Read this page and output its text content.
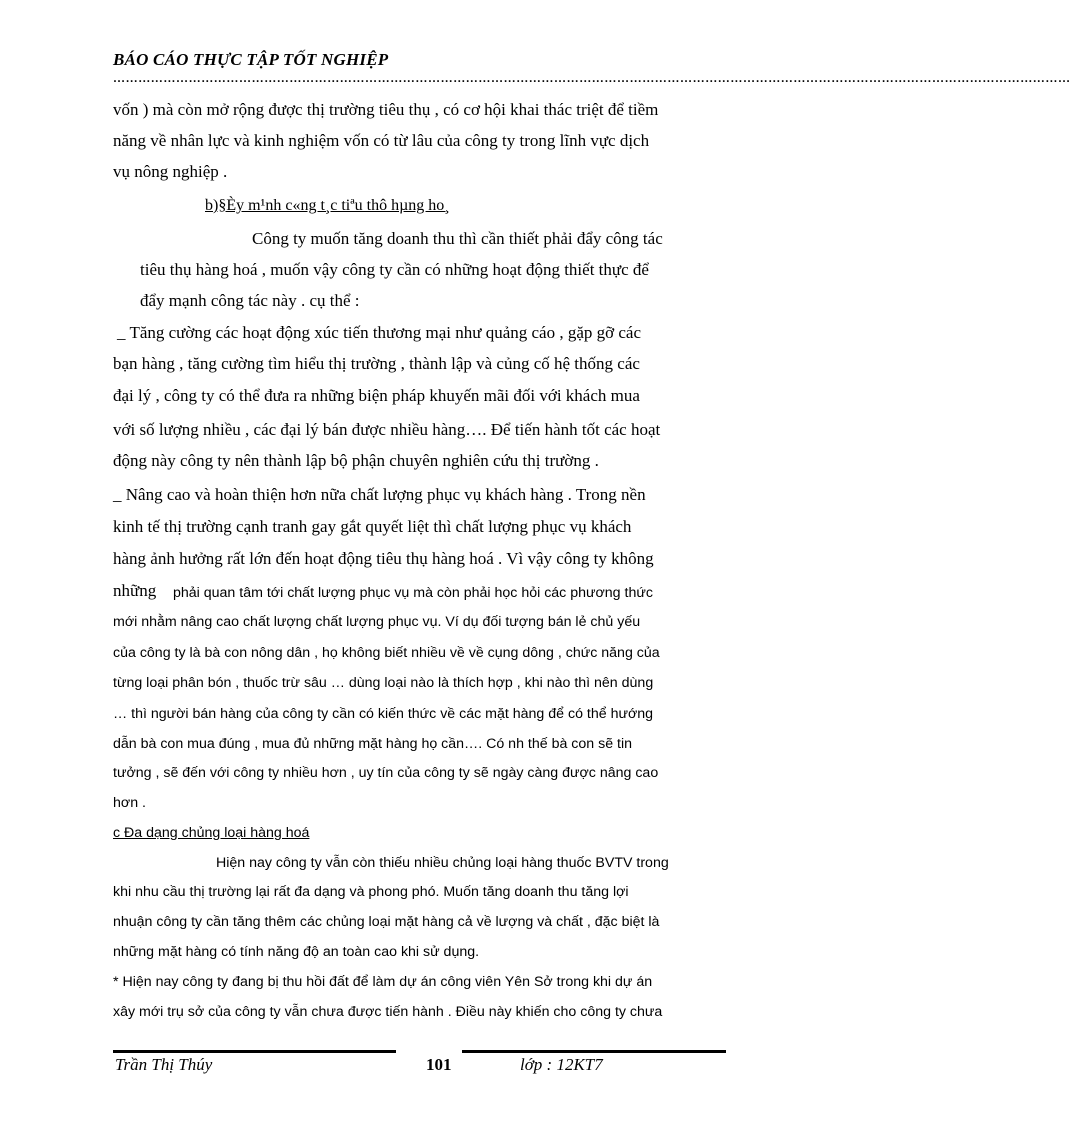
BÁO CÁO THỰC TẬP TỐT NGHIỆP
…………………………………………………………………………………………………………………………………………………………………………………………………………

vốn ) mà còn mở rộng được thị trường tiêu thụ , có cơ hội khai thác triệt để tiềm

năng về nhân lực và kinh nghiệm vốn có từ lâu của công ty trong lĩnh vực dịch

vụ nông nghiệp .

b)§Èy m¹nh c«ng t¸c tiªu thô hµng ho¸

Công ty muốn tăng doanh thu thì cần thiết phải đẩy công tác

tiêu thụ hàng hoá , muốn vậy công ty cần có những hoạt động thiết thực để

đẩy mạnh công tác này . cụ thể :

_ Tăng cường các hoạt động xúc tiến thương mại như quảng cáo , gặp gỡ các

bạn hàng , tăng cường tìm hiểu thị trường , thành lập và củng cố hệ thống các

đại lý , công ty có thể đưa ra những biện pháp khuyến mãi đối với khách mua

với số lượng nhiều , các đại lý bán được nhiều hàng…. Để tiến hành tốt các hoạt

động này công ty nên thành lập bộ phận chuyên nghiên cứu thị trường .

_ Nâng cao và hoàn thiện hơn nữa chất lượng phục vụ khách hàng . Trong nền

kinh tế thị trường cạnh tranh gay gắt quyết liệt thì chất lượng phục vụ khách

hàng ảnh hưởng rất lớn đến hoạt động tiêu thụ hàng hoá . Vì vậy công ty không

những phải quan tâm tới chất lượng phục vụ mà còn phải học hỏi các phương thức

mới nhằm nâng cao chất lượng chất lượng phục vụ. Ví dụ đối tượng bán lẻ chủ yếu

của công ty là bà con nông dân , họ không biết nhiều về về cụng dông , chức năng của

từng loại phân bón , thuốc trừ sâu … dùng loại nào là thích hợp , khi nào thì nên dùng

… thì người bán hàng của công ty cần có kiến thức về các mặt hàng để có thể hướng

dẫn bà con mua đúng , mua đủ những mặt hàng họ cần…. Có nh thế bà con sẽ tin

tưởng , sẽ đến với công ty nhiều hơn , uy tín của công ty sẽ ngày càng được nâng cao

hơn .

c Đa dạng chủng loại hàng hoá

Hiện nay công ty vẫn còn thiếu nhiều chủng loại hàng thuốc BVTV trong

khi nhu cầu thị trường lại rất đa dạng và phong phó. Muốn tăng doanh thu tăng lợi

nhuận công ty cần tăng thêm các chủng loại mặt hàng cả về lượng và chất , đặc biệt là

những mặt hàng có tính năng độ an toàn cao khi sử dụng.

* Hiện nay công ty đang bị thu hồi đất để làm dự án công viên Yên Sở trong khi dự án

xây mới trụ sở của công ty vẫn chưa được tiến hành . Điều này khiến cho công ty chưa

Trần Thị Thúy	101	lớp : 12KT7
